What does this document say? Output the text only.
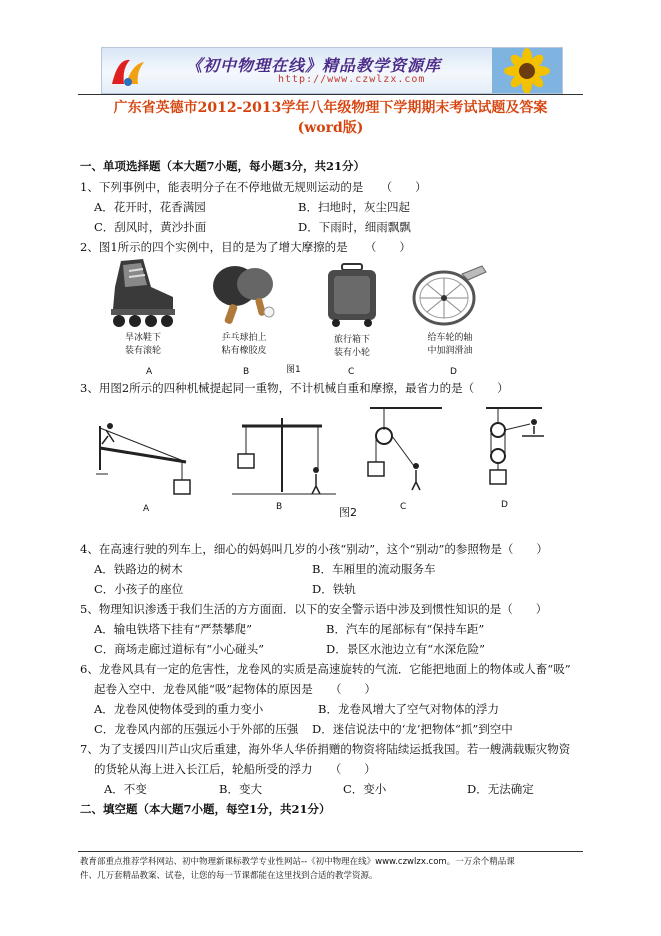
《初中物理在线》精品教学资源库
http://www.czwlzx.com
广东省英德市2012-2013学年八年级物理下学期期末考试试题及答案
(word版)
一、单项选择题（本大题7小题，每小题3分，共21分）
1、下列事例中，能表明分子在不停地做无规则运动的是　　（　　）
A．花开时，花香满园	B．扫地时，灰尘四起
C．刮风时，黄沙扑面	D．下雨时，细雨飘飘
2、图1所示的四个实例中，目的是为了增大摩擦的是　　（　　）
旱冰鞋下
装有滚轮
乒乓球拍上
粘有橡胶皮
旅行箱下
装有小轮
给车轮的轴
中加润滑油
A	B	图1	C	D
3、用图2所示的四种机械提起同一重物，不计机械自重和摩擦，最省力的是（　　）
A	B	图2	C	D
4、在高速行驶的列车上，细心的妈妈叫几岁的小孩“别动”，这个“别动”的参照物是（　　）
A．铁路边的树木	B．车厢里的流动服务车
C．小孩子的座位	D．铁轨
5、物理知识渗透于我们生活的方方面面．以下的安全警示语中涉及到惯性知识的是（　　）
A．输电铁塔下挂有“严禁攀爬”	B．汽车的尾部标有“保持车距”
C．商场走廊过道标有“小心碰头”	D．景区水池边立有“水深危险”
6、龙卷风具有一定的危害性，龙卷风的实质是高速旋转的气流．它能把地面上的物体或人畜“吸”
起卷入空中．龙卷风能“吸”起物体的原因是　　（　　）
A．龙卷风使物体受到的重力变小	B．龙卷风增大了空气对物体的浮力
C．龙卷风内部的压强远小于外部的压强 D．迷信说法中的‘龙’把物体“抓”到空中
7、为了支援四川芦山灾后重建，海外华人华侨捐赠的物资将陆续运抵我国。若一艘满载赈灾物资
的货轮从海上进入长江后，轮船所受的浮力　　（　　）
A．不变	B．变大	C．变小	D．无法确定
二、填空题（本大题7小题，每空1分，共21分）
教育部重点推荐学科网站、初中物理新课标教学专业性网站--《初中物理在线》www.czwlzx.com。一万余个精品课
件、几万套精品教案、试卷，让您的每一节课都能在这里找到合适的教学资源。
